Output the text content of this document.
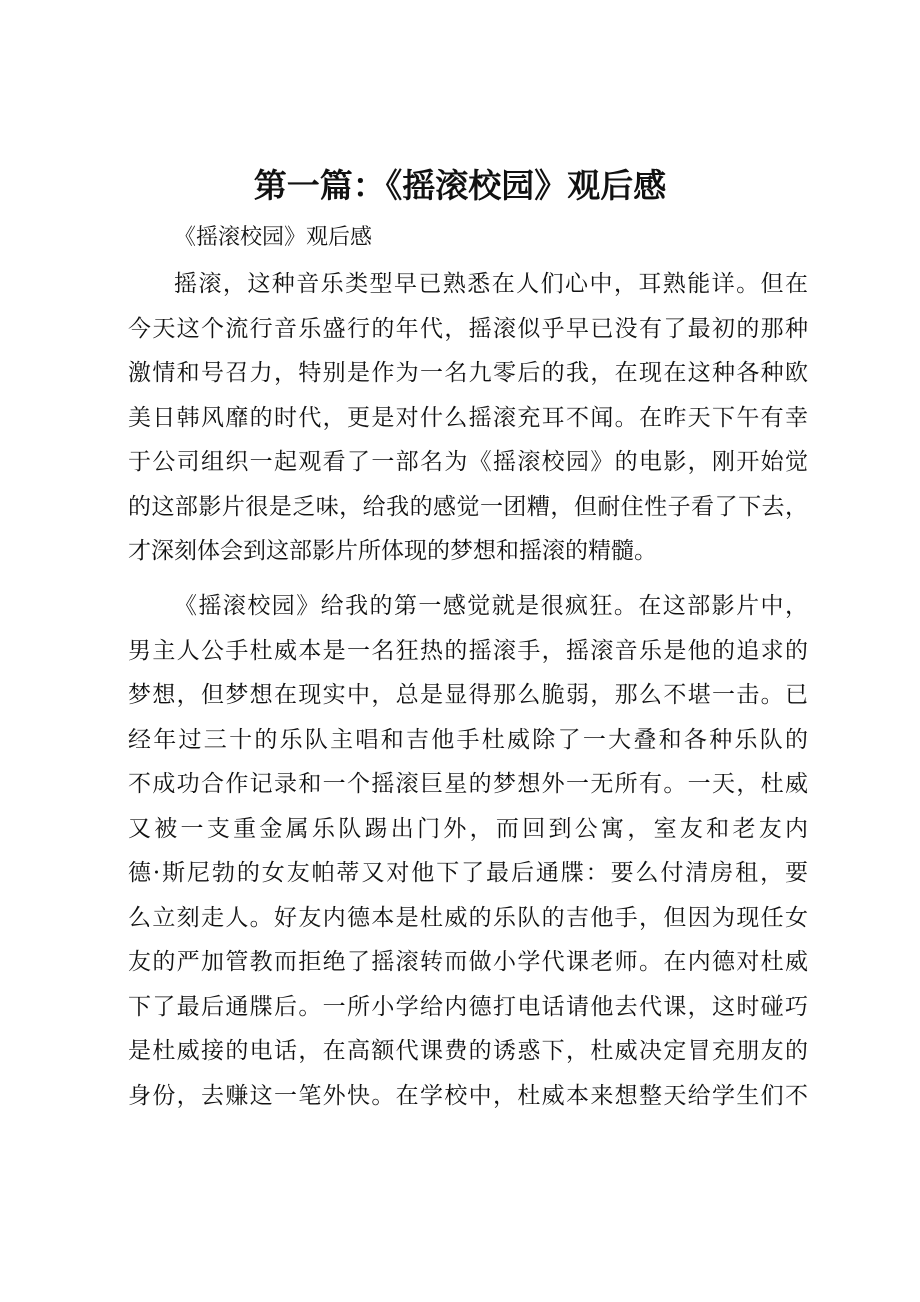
第一篇：《摇滚校园》观后感

《摇滚校园》观后感

摇滚，这种音乐类型早已熟悉在人们心中，耳熟能详。但在
今天这个流行音乐盛行的年代，摇滚似乎早已没有了最初的那种
激情和号召力，特别是作为一名九零后的我，在现在这种各种欧
美日韩风靡的时代，更是对什么摇滚充耳不闻。在昨天下午有幸
于公司组织一起观看了一部名为《摇滚校园》的电影，刚开始觉
的这部影片很是乏味，给我的感觉一团糟，但耐住性子看了下去，
才深刻体会到这部影片所体现的梦想和摇滚的精髓。
《摇滚校园》给我的第一感觉就是很疯狂。在这部影片中，
男主人公手杜威本是一名狂热的摇滚手，摇滚音乐是他的追求的
梦想，但梦想在现实中，总是显得那么脆弱，那么不堪一击。已
经年过三十的乐队主唱和吉他手杜威除了一大叠和各种乐队的
不成功合作记录和一个摇滚巨星的梦想外一无所有。一天，杜威
又被一支重金属乐队踢出门外，而回到公寓，室友和老友内
德·斯尼勃的女友帕蒂又对他下了最后通牒：要么付清房租，要
么立刻走人。好友内德本是杜威的乐队的吉他手，但因为现任女
友的严加管教而拒绝了摇滚转而做小学代课老师。在内德对杜威
下了最后通牒后。一所小学给内德打电话请他去代课，这时碰巧
是杜威接的电话，在高额代课费的诱惑下，杜威决定冒充朋友的
身份，去赚这一笔外快。在学校中，杜威本来想整天给学生们不
